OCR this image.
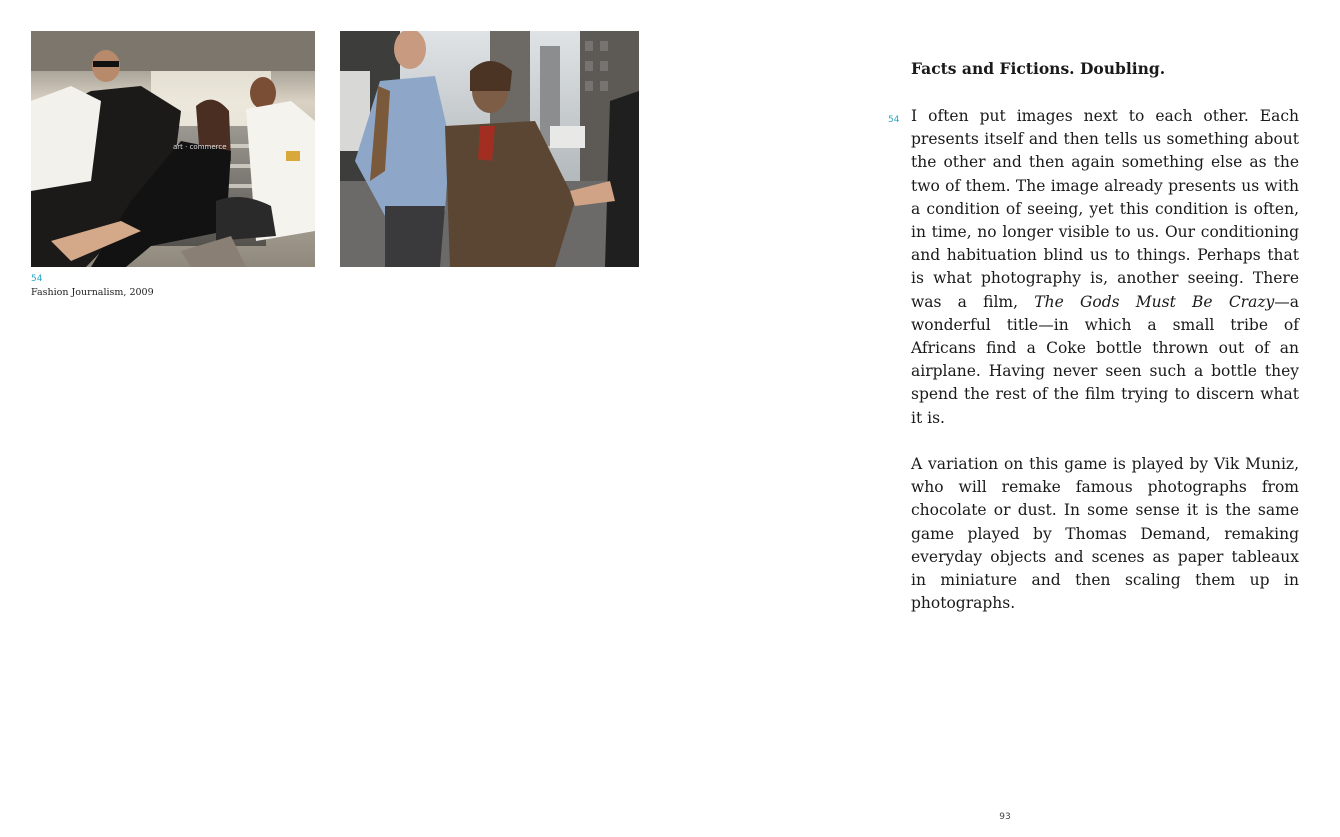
art · commerce
54
Fashion Journalism, 2009
Facts and Fictions. Doubling.

54 I often put images next to each other. Each presents itself and then tells us something about the other and then again something else as the two of them. The image already presents us with a condition of seeing, yet this condition is often, in time, no longer visible to us. Our conditioning and habituation blind us to things. Perhaps that is what photography is, another seeing. There was a film, The Gods Must Be Crazy—a wonderful title—in which a small tribe of Africans find a Coke bottle thrown out of an airplane. Having never seen such a bottle they spend the rest of the film trying to discern what it is.

A variation on this game is played by Vik Muniz, who will remake famous photographs from chocolate or dust. In some sense it is the same game played by Thomas Demand, remaking everyday objects and scenes as paper tableaux in miniature and then scaling them up in photographs.

93
